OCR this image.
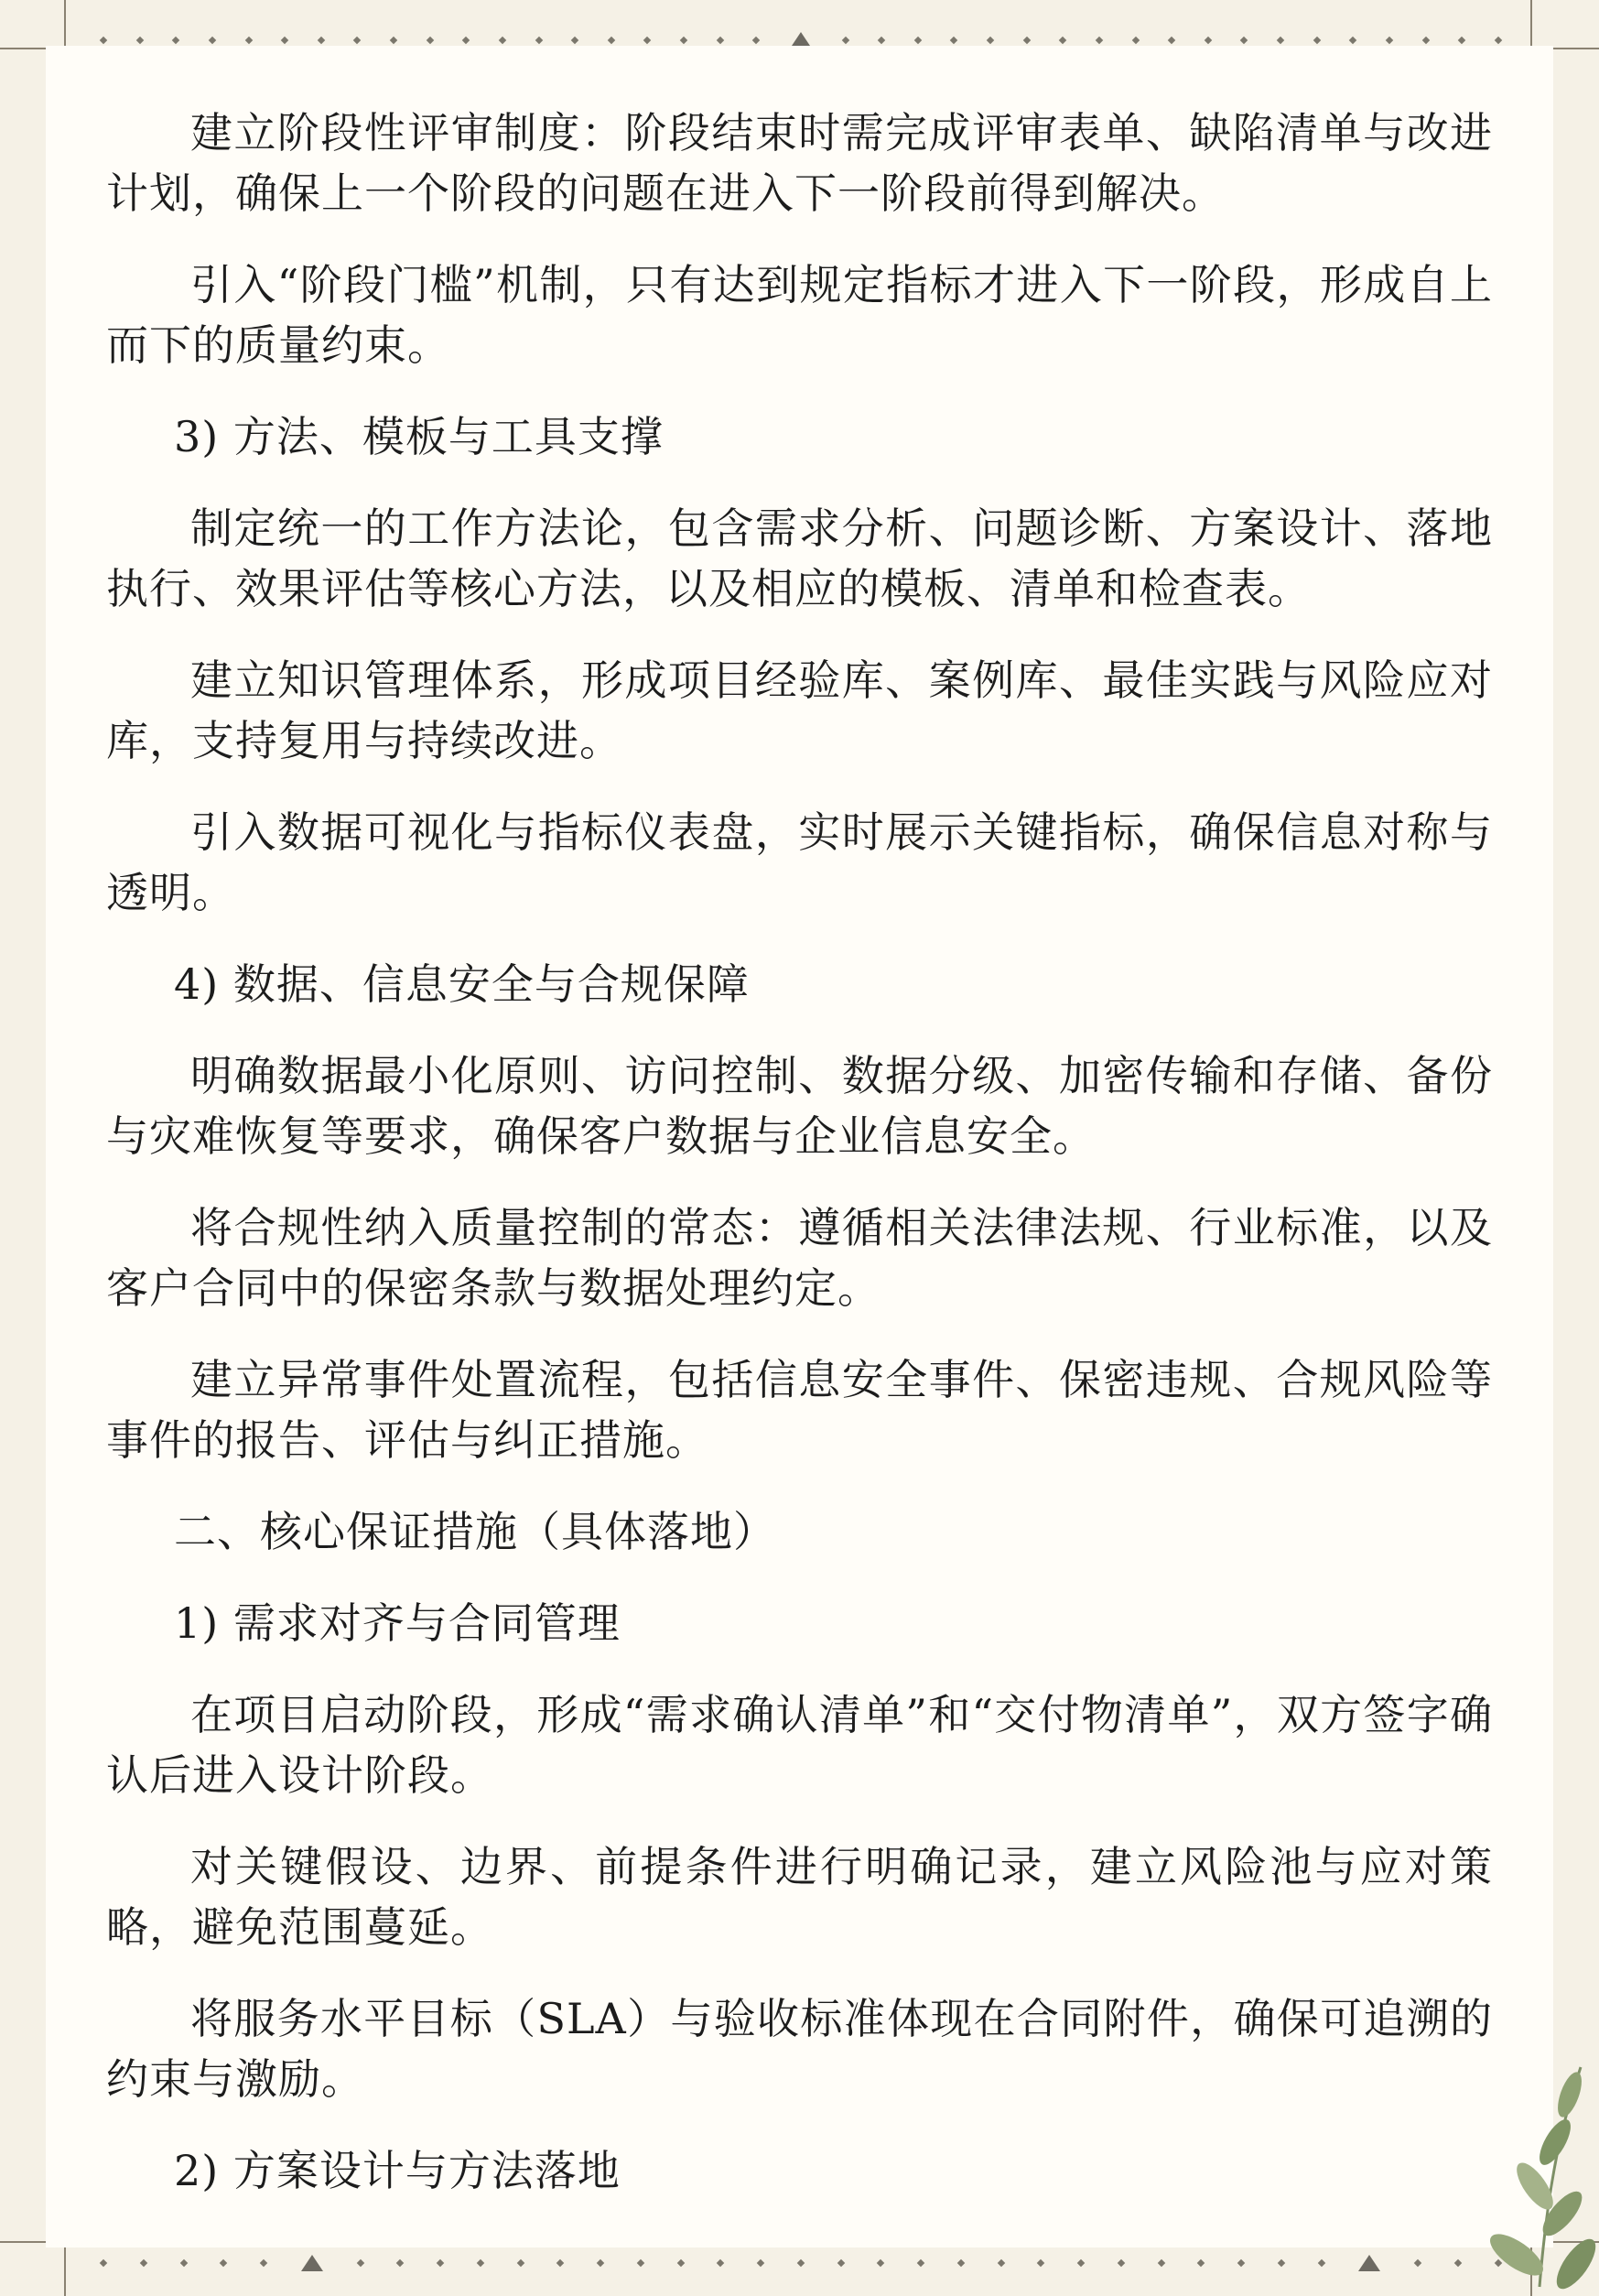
建立阶段性评审制度：阶段结束时需完成评审表单、缺陷清单与改进计划，确保上一个阶段的问题在进入下一阶段前得到解决。

引入“阶段门槛”机制，只有达到规定指标才进入下一阶段，形成自上而下的质量约束。

3) 方法、模板与工具支撑

制定统一的工作方法论，包含需求分析、问题诊断、方案设计、落地执行、效果评估等核心方法，以及相应的模板、清单和检查表。

建立知识管理体系，形成项目经验库、案例库、最佳实践与风险应对库，支持复用与持续改进。

引入数据可视化与指标仪表盘，实时展示关键指标，确保信息对称与透明。

4) 数据、信息安全与合规保障

明确数据最小化原则、访问控制、数据分级、加密传输和存储、备份与灾难恢复等要求，确保客户数据与企业信息安全。

将合规性纳入质量控制的常态：遵循相关法律法规、行业标准，以及客户合同中的保密条款与数据处理约定。

建立异常事件处置流程，包括信息安全事件、保密违规、合规风险等事件的报告、评估与纠正措施。

二、核心保证措施（具体落地）

1) 需求对齐与合同管理

在项目启动阶段，形成“需求确认清单”和“交付物清单”，双方签字确认后进入设计阶段。

对关键假设、边界、前提条件进行明确记录，建立风险池与应对策略，避免范围蔓延。

将服务水平目标（SLA）与验收标准体现在合同附件，确保可追溯的约束与激励。

2) 方案设计与方法落地
